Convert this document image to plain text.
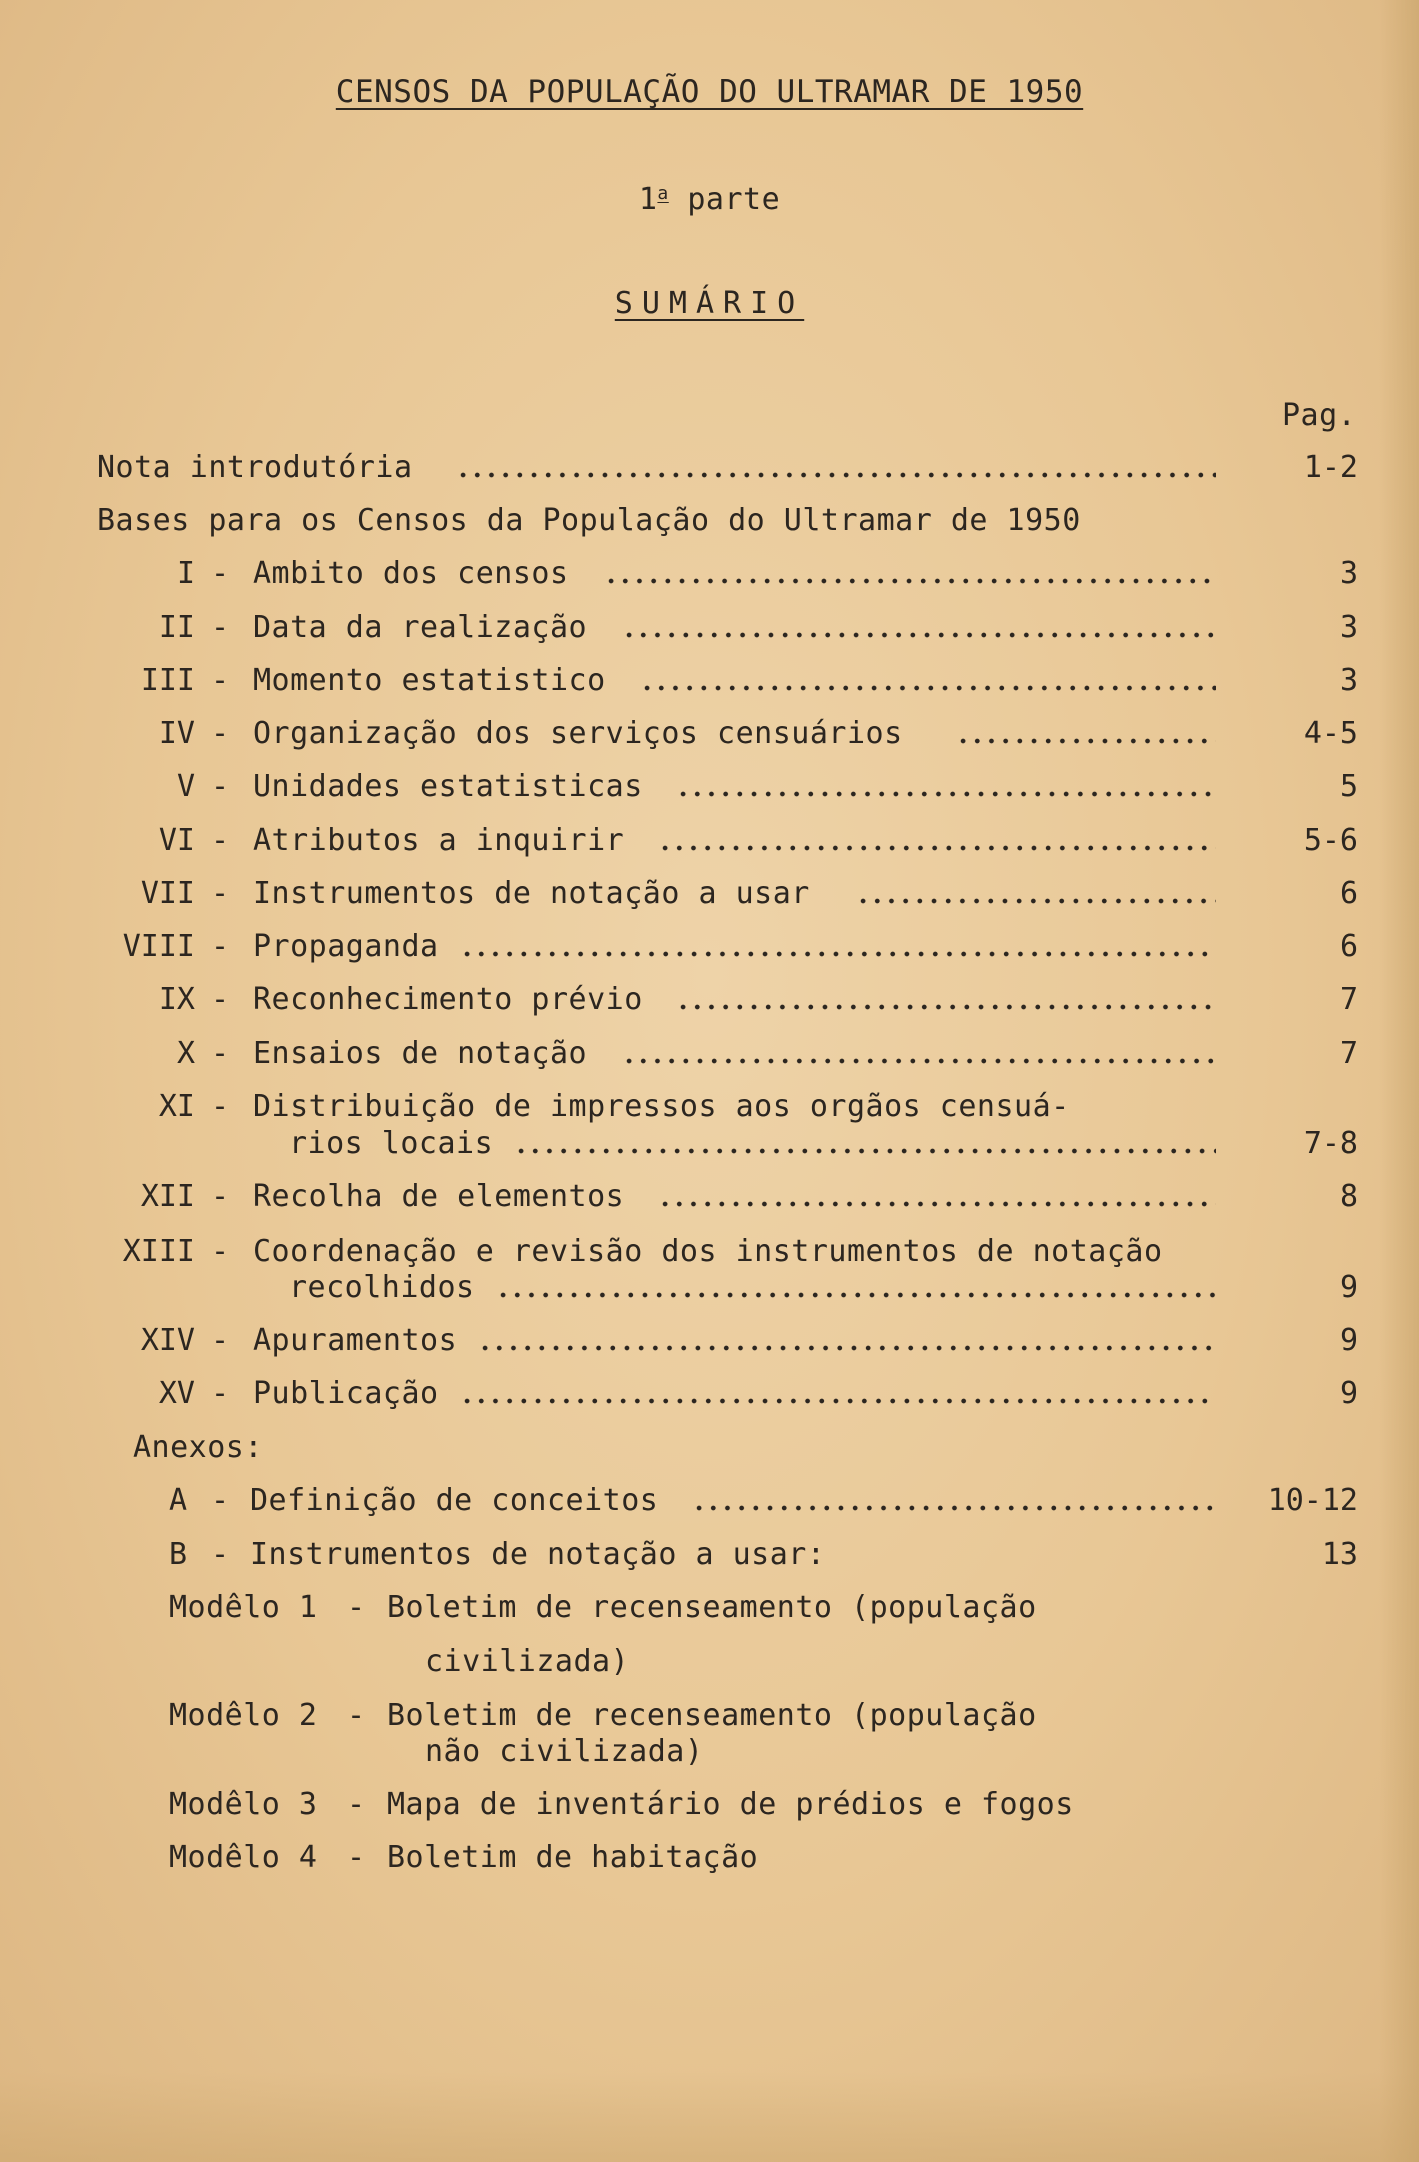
CENSOS DA POPULAÇÃO DO ULTRAMAR DE 1950
1$^a$ parte
SUMÁRIO
Pag.
Nota introdutória	1-2
Bases para os Censos da População do Ultramar de 1950
I - Ambito dos censos	3
II - Data da realização	3
III - Momento estatistico	3
IV - Organização dos serviços censuários	4-5
V - Unidades estatisticas	5
VI - Atributos a inquirir	5-6
VII - Instrumentos de notação a usar	6
VIII - Propaganda	6
IX - Reconhecimento prévio	7
X - Ensaios de notação	7
XI - Distribuição de impressos aos orgãos censuá-
rios locais	7-8
XII - Recolha de elementos	8
XIII - Coordenação e revisão dos instrumentos de notação
recolhidos	9
XIV - Apuramentos	9
XV - Publicação	9
Anexos:
A - Definição de conceitos	10-12
B - Instrumentos de notação a usar:	13
Modêlo 1 - Boletim de recenseamento (população
civilizada)
Modêlo 2 - Boletim de recenseamento (população
não civilizada)
Modêlo 3 - Mapa de inventário de prédios e fogos
Modêlo 4 - Boletim de habitação
